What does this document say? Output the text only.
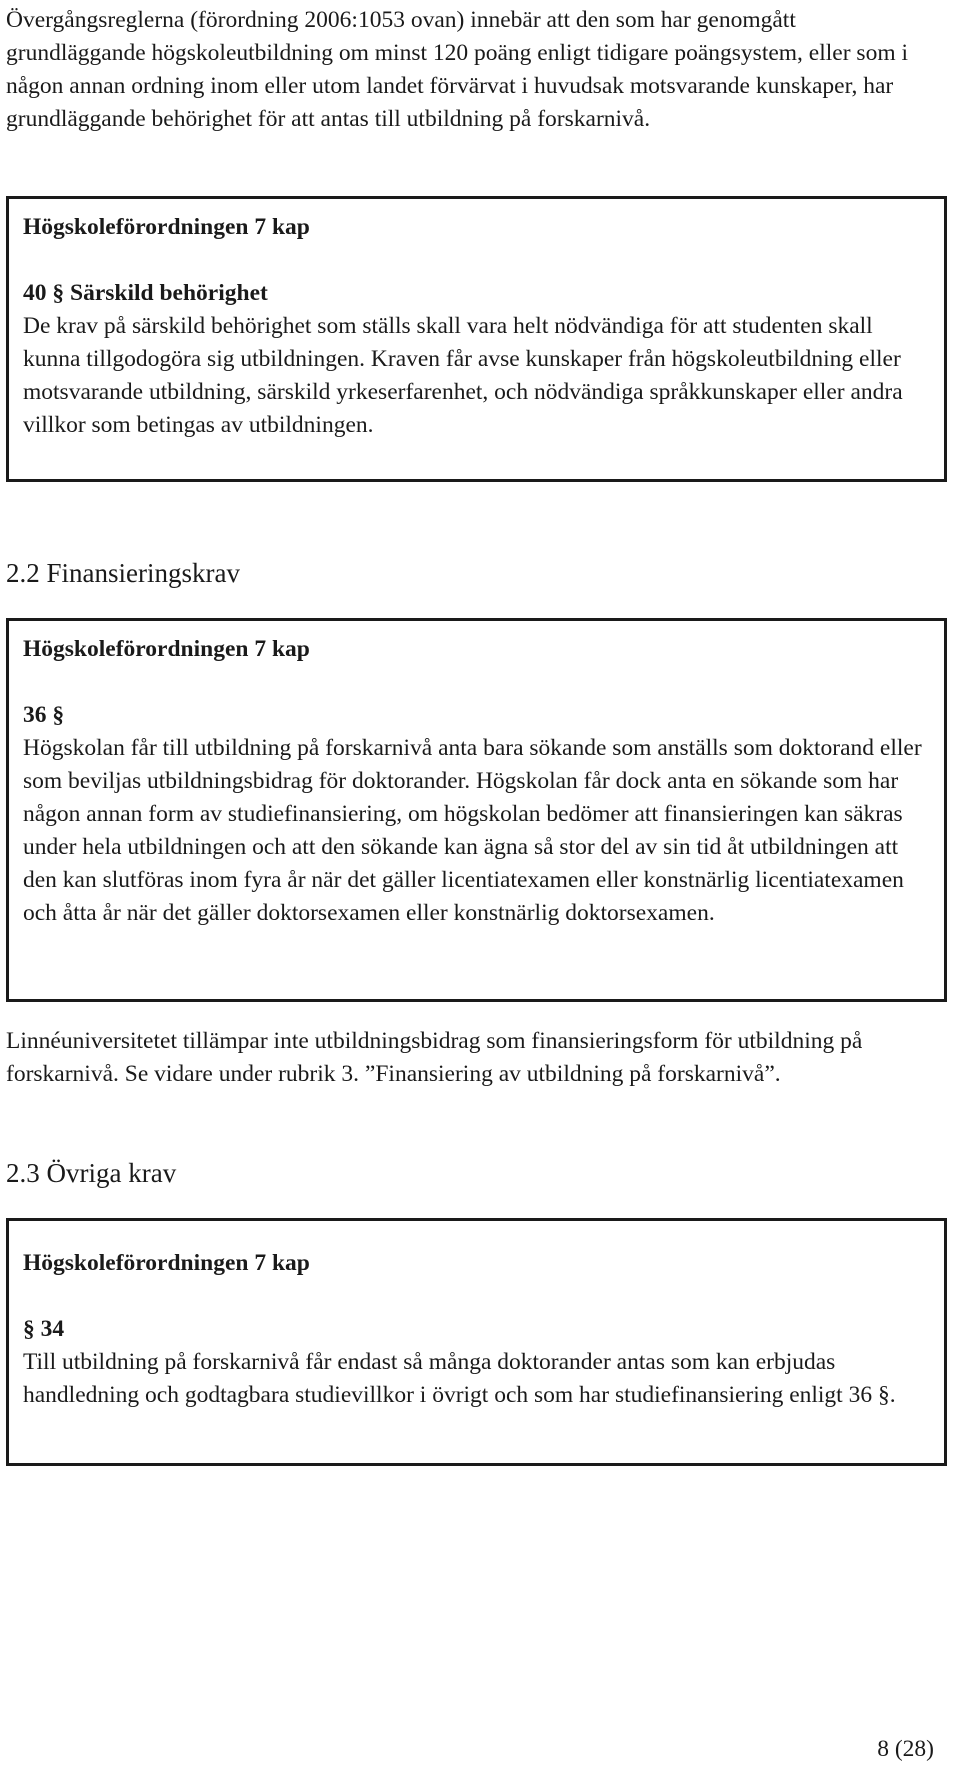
Övergångsreglerna (förordning 2006:1053 ovan) innebär att den som har genomgått grundläggande högskoleutbildning om minst 120 poäng enligt tidigare poängsystem, eller som i någon annan ordning inom eller utom landet förvärvat i huvudsak motsvarande kunskaper, har grundläggande behörighet för att antas till utbildning på forskarnivå.

Högskoleförordningen 7 kap

40 § Särskild behörighet

De krav på särskild behörighet som ställs skall vara helt nödvändiga för att studenten skall kunna tillgodogöra sig utbildningen. Kraven får avse kunskaper från högskoleutbildning eller motsvarande utbildning, särskild yrkeserfarenhet, och nödvändiga språkkunskaper eller andra villkor som betingas av utbildningen.

2.2 Finansieringskrav

Högskoleförordningen 7 kap

36 §

Högskolan får till utbildning på forskarnivå anta bara sökande som anställs som doktorand eller som beviljas utbildningsbidrag för doktorander. Högskolan får dock anta en sökande som har någon annan form av studiefinansiering, om högskolan bedömer att finansieringen kan säkras under hela utbildningen och att den sökande kan ägna så stor del av sin tid åt utbildningen att den kan slutföras inom fyra år när det gäller licentiatexamen eller konstnärlig licentiatexamen och åtta år när det gäller doktorsexamen eller konstnärlig doktorsexamen.

Linnéuniversitetet tillämpar inte utbildningsbidrag som finansieringsform för utbildning på forskarnivå. Se vidare under rubrik 3. ”Finansiering av utbildning på forskarnivå”.

2.3 Övriga krav

Högskoleförordningen 7 kap

§ 34

Till utbildning på forskarnivå får endast så många doktorander antas som kan erbjudas handledning och godtagbara studievillkor i övrigt och som har studiefinansiering enligt 36 §.

8 (28)
